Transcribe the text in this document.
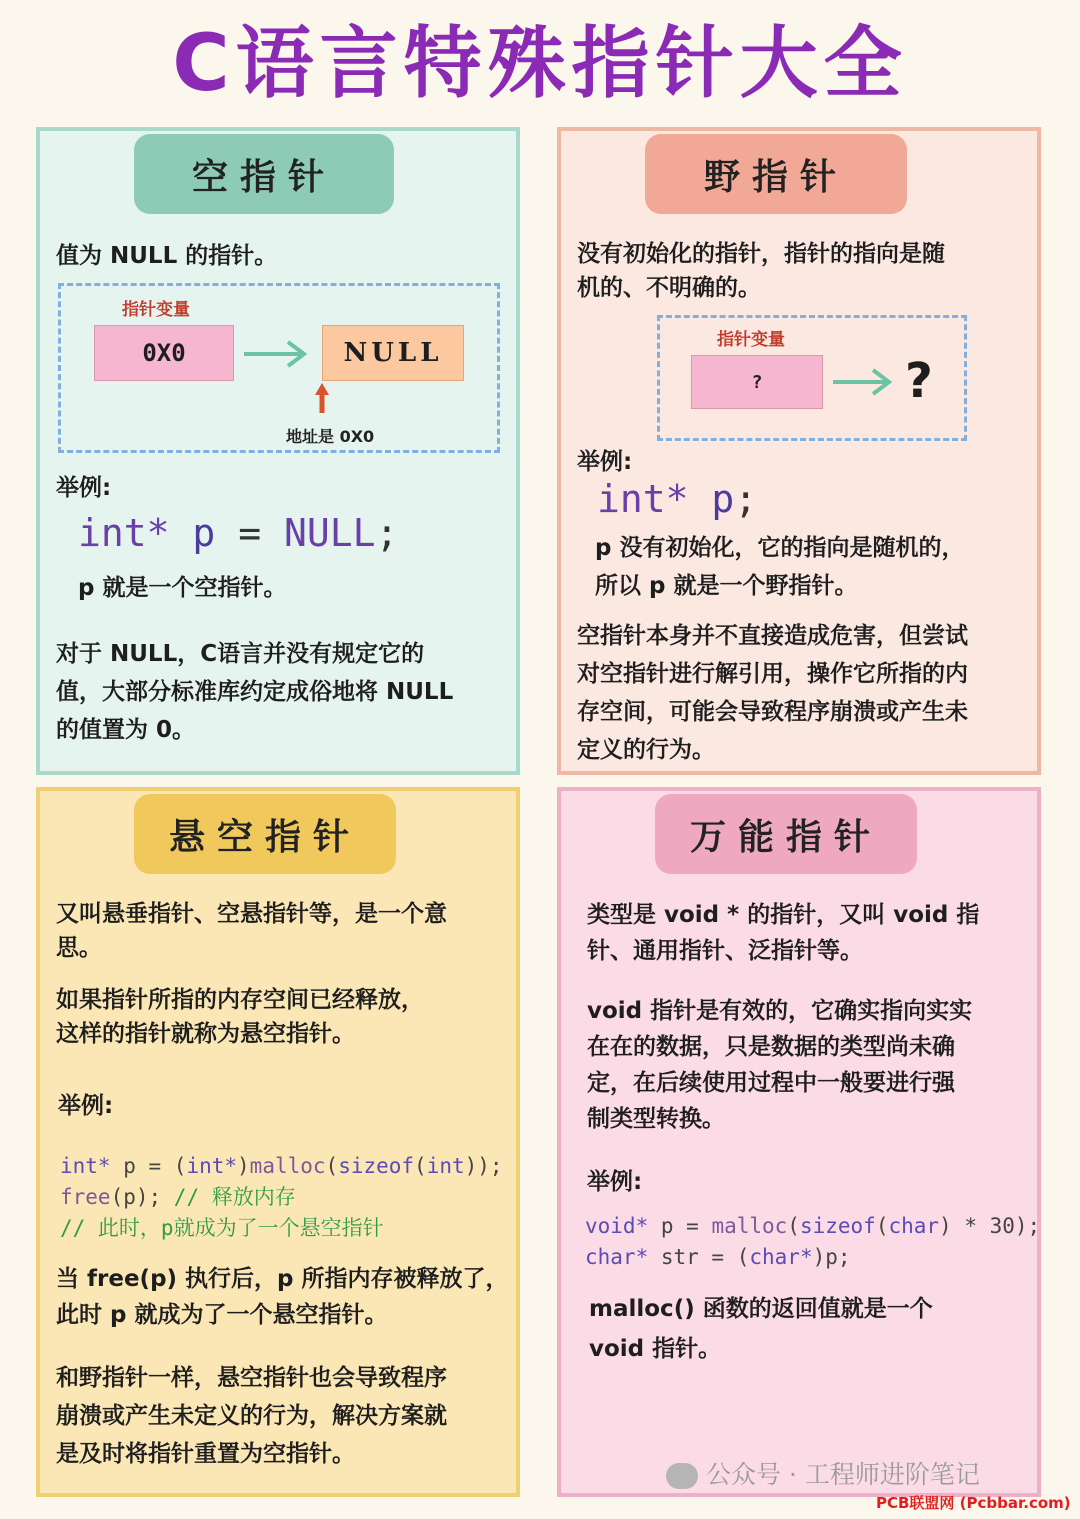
C语言特殊指针大全
空指针
值为 NULL 的指针。
指针变量
0X0	NULL
地址是 0X0
举例:
int* p = NULL;
p 就是一个空指针。
对于 NULL，C语言并没有规定它的
值，大部分标准库约定成俗地将 NULL
的值置为 0。
野指针
没有初始化的指针，指针的指向是随
机的、不明确的。
指针变量
?	?
举例:
int* p;
p 没有初始化，它的指向是随机的，
所以 p 就是一个野指针。
空指针本身并不直接造成危害，但尝试
对空指针进行解引用，操作它所指的内
存空间，可能会导致程序崩溃或产生未
定义的行为。
悬空指针
又叫悬垂指针、空悬指针等，是一个意
思。
如果指针所指的内存空间已经释放，
这样的指针就称为悬空指针。
举例:
int* p = (int*)malloc(sizeof(int));
free(p); // 释放内存
// 此时，p就成为了一个悬空指针
当 free(p) 执行后，p 所指内存被释放了，
此时 p 就成为了一个悬空指针。
和野指针一样，悬空指针也会导致程序
崩溃或产生未定义的行为，解决方案就
是及时将指针重置为空指针。
万能指针
类型是 void * 的指针，又叫 void 指
针、通用指针、泛指针等。
void 指针是有效的，它确实指向实实
在在的数据，只是数据的类型尚未确
定，在后续使用过程中一般要进行强
制类型转换。
举例:
void* p = malloc(sizeof(char) * 30);
char* str = (char*)p;
malloc() 函数的返回值就是一个
void 指针。
公众号 · 工程师进阶笔记
PCB联盟网 (Pcbbar.com)
